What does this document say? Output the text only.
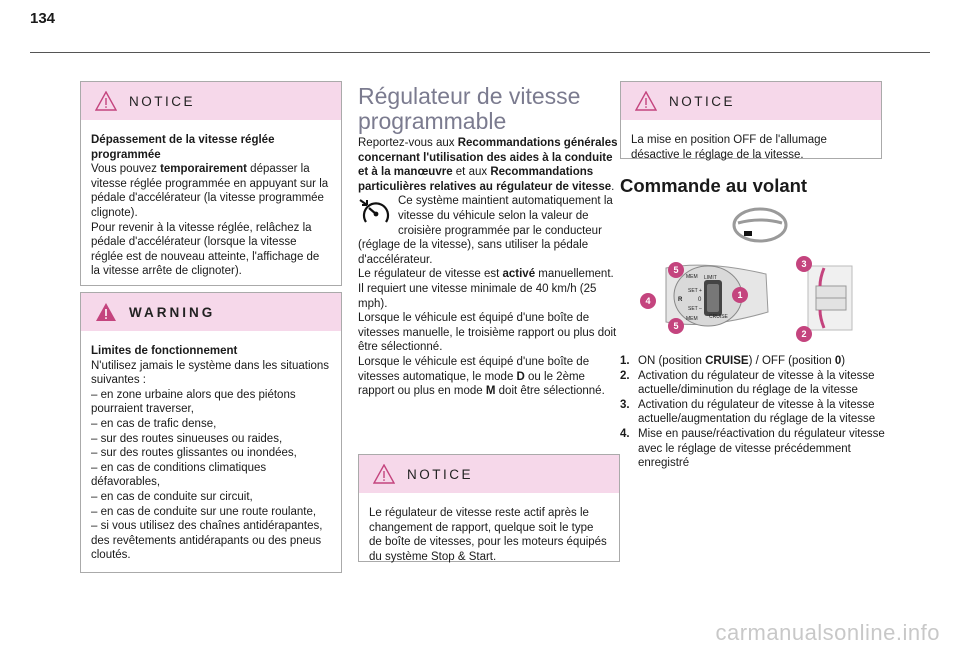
134
NOTICE

Dépassement de la vitesse réglée programmée

Vous pouvez temporairement dépasser la vitesse réglée programmée en appuyant sur la pédale d'accélérateur (la vitesse programmée clignote).

Pour revenir à la vitesse réglée, relâchez la pédale d'accélérateur (lorsque la vitesse réglée est de nouveau atteinte, l'affichage de la vitesse arrête de clignoter).

WARNING

Limites de fonctionnement

N'utilisez jamais le système dans les situations suivantes :

– en zone urbaine alors que des piétons pourraient traverser,

– en cas de trafic dense,

– sur des routes sinueuses ou raides,

– sur des routes glissantes ou inondées,

– en cas de conditions climatiques défavorables,

– en cas de conduite sur circuit,

– en cas de conduite sur une route roulante,

– si vous utilisez des chaînes antidérapantes, des revêtements antidérapants ou des pneus cloutés.

Régulateur de vitesse programmable

Reportez-vous aux Recommandations générales concernant l'utilisation des aides à la conduite et à la manœuvre et aux Recommandations particulières relatives au régulateur de vitesse.

Ce système maintient automatiquement la vitesse du véhicule selon la valeur de croisière programmée par le conducteur (réglage de la vitesse), sans utiliser la pédale d'accélérateur.

Le régulateur de vitesse est activé manuellement.

Il requiert une vitesse minimale de 40 km/h (25 mph).

Lorsque le véhicule est équipé d'une boîte de vitesses manuelle, le troisième rapport ou plus doit être sélectionné.

Lorsque le véhicule est équipé d'une boîte de vitesses automatique, le mode D ou le 2ème rapport ou plus en mode M doit être sélectionné.

NOTICE

Le régulateur de vitesse reste actif après le changement de rapport, quelque soit le type de boîte de vitesses, pour les moteurs équipés du système Stop & Start.

NOTICE

La mise en position OFF de l'allumage désactive le réglage de la vitesse.

Commande au volant
LIMIT
SET +
SET –
CRUISE
0
R
MEM
MEM
5
4
5
1
3
2
1. ON (position CRUISE) / OFF (position 0)
2. Activation du régulateur de vitesse à la vitesse actuelle/diminution du réglage de la vitesse
3. Activation du régulateur de vitesse à la vitesse actuelle/augmentation du réglage de la vitesse
4. Mise en pause/réactivation du régulateur vitesse avec le réglage de vitesse précédemment enregistré
carmanualsonline.info
